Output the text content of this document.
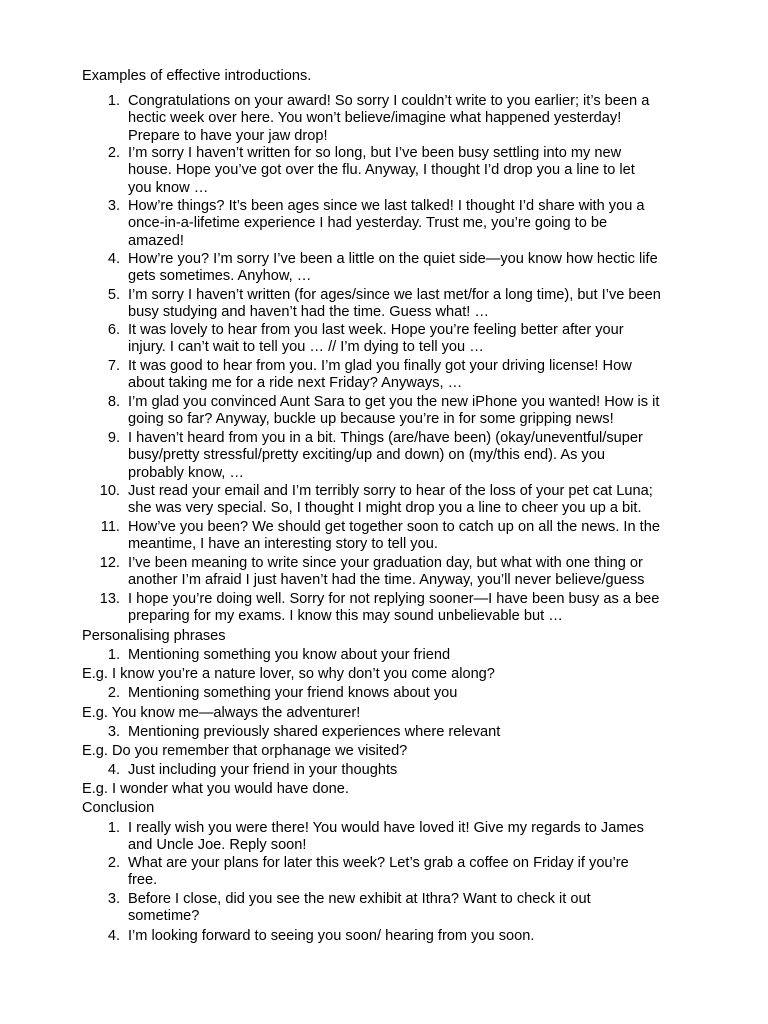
Examples of effective introductions.
1. Congratulations on your award! So sorry I couldn’t write to you earlier; it’s been a
hectic week over here. You won’t believe/imagine what happened yesterday!
Prepare to have your jaw drop!
2. I’m sorry I haven’t written for so long, but I’ve been busy settling into my new
house. Hope you’ve got over the flu. Anyway, I thought I’d drop you a line to let
you know …
3. How’re things? It’s been ages since we last talked! I thought I’d share with you a
once-in-a-lifetime experience I had yesterday. Trust me, you’re going to be
amazed!
4. How’re you? I’m sorry I’ve been a little on the quiet side—you know how hectic life
gets sometimes. Anyhow, …
5. I’m sorry I haven’t written (for ages/since we last met/for a long time), but I’ve been
busy studying and haven’t had the time. Guess what! …
6. It was lovely to hear from you last week. Hope you’re feeling better after your
injury. I can’t wait to tell you … // I’m dying to tell you …
7. It was good to hear from you. I’m glad you finally got your driving license! How
about taking me for a ride next Friday? Anyways, …
8. I’m glad you convinced Aunt Sara to get you the new iPhone you wanted! How is it
going so far? Anyway, buckle up because you’re in for some gripping news!
9. I haven’t heard from you in a bit. Things (are/have been) (okay/uneventful/super
busy/pretty stressful/pretty exciting/up and down) on (my/this end). As you
probably know, …
10. Just read your email and I’m terribly sorry to hear of the loss of your pet cat Luna;
she was very special. So, I thought I might drop you a line to cheer you up a bit.
11. How’ve you been? We should get together soon to catch up on all the news. In the
meantime, I have an interesting story to tell you.
12. I’ve been meaning to write since your graduation day, but what with one thing or
another I’m afraid I just haven’t had the time. Anyway, you’ll never believe/guess
13. I hope you’re doing well. Sorry for not replying sooner—I have been busy as a bee
preparing for my exams. I know this may sound unbelievable but …
Personalising phrases
1. Mentioning something you know about your friend
E.g. I know you’re a nature lover, so why don’t you come along?
2. Mentioning something your friend knows about you
E.g. You know me—always the adventurer!
3. Mentioning previously shared experiences where relevant
E.g. Do you remember that orphanage we visited?
4. Just including your friend in your thoughts
E.g. I wonder what you would have done.
Conclusion
1. I really wish you were there! You would have loved it! Give my regards to James
and Uncle Joe. Reply soon!
2. What are your plans for later this week? Let’s grab a coffee on Friday if you’re
free.
3. Before I close, did you see the new exhibit at Ithra? Want to check it out
sometime?
4. I’m looking forward to seeing you soon/ hearing from you soon.
